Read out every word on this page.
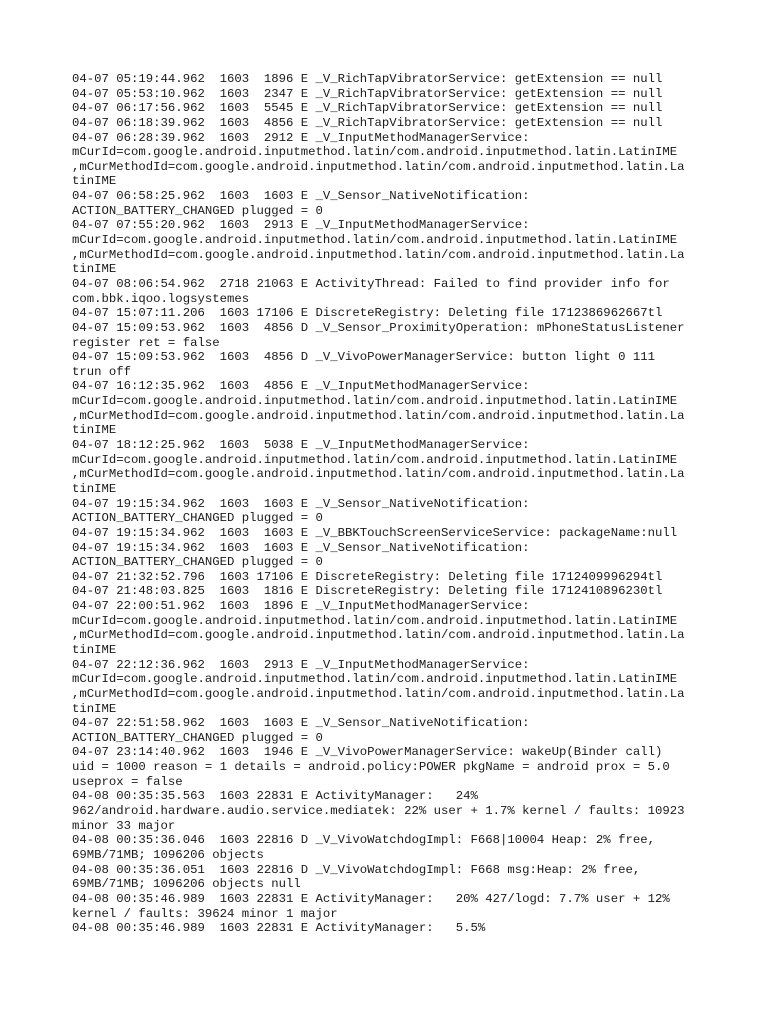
04-07 05:19:44.962  1603  1896 E _V_RichTapVibratorService: getExtension == null
04-07 05:53:10.962  1603  2347 E _V_RichTapVibratorService: getExtension == null
04-07 06:17:56.962  1603  5545 E _V_RichTapVibratorService: getExtension == null
04-07 06:18:39.962  1603  4856 E _V_RichTapVibratorService: getExtension == null
04-07 06:28:39.962  1603  2912 E _V_InputMethodManagerService:
mCurId=com.google.android.inputmethod.latin/com.android.inputmethod.latin.LatinIME
,mCurMethodId=com.google.android.inputmethod.latin/com.android.inputmethod.latin.La
tinIME
04-07 06:58:25.962  1603  1603 E _V_Sensor_NativeNotification:
ACTION_BATTERY_CHANGED plugged = 0
04-07 07:55:20.962  1603  2913 E _V_InputMethodManagerService:
mCurId=com.google.android.inputmethod.latin/com.android.inputmethod.latin.LatinIME
,mCurMethodId=com.google.android.inputmethod.latin/com.android.inputmethod.latin.La
tinIME
04-07 08:06:54.962  2718 21063 E ActivityThread: Failed to find provider info for
com.bbk.iqoo.logsystemes
04-07 15:07:11.206  1603 17106 E DiscreteRegistry: Deleting file 1712386962667tl
04-07 15:09:53.962  1603  4856 D _V_Sensor_ProximityOperation: mPhoneStatusListener
register ret = false
04-07 15:09:53.962  1603  4856 D _V_VivoPowerManagerService: button light 0 111
trun off
04-07 16:12:35.962  1603  4856 E _V_InputMethodManagerService:
mCurId=com.google.android.inputmethod.latin/com.android.inputmethod.latin.LatinIME
,mCurMethodId=com.google.android.inputmethod.latin/com.android.inputmethod.latin.La
tinIME
04-07 18:12:25.962  1603  5038 E _V_InputMethodManagerService:
mCurId=com.google.android.inputmethod.latin/com.android.inputmethod.latin.LatinIME
,mCurMethodId=com.google.android.inputmethod.latin/com.android.inputmethod.latin.La
tinIME
04-07 19:15:34.962  1603  1603 E _V_Sensor_NativeNotification:
ACTION_BATTERY_CHANGED plugged = 0
04-07 19:15:34.962  1603  1603 E _V_BBKTouchScreenServiceService: packageName:null
04-07 19:15:34.962  1603  1603 E _V_Sensor_NativeNotification:
ACTION_BATTERY_CHANGED plugged = 0
04-07 21:32:52.796  1603 17106 E DiscreteRegistry: Deleting file 1712409996294tl
04-07 21:48:03.825  1603  1816 E DiscreteRegistry: Deleting file 1712410896230tl
04-07 22:00:51.962  1603  1896 E _V_InputMethodManagerService:
mCurId=com.google.android.inputmethod.latin/com.android.inputmethod.latin.LatinIME
,mCurMethodId=com.google.android.inputmethod.latin/com.android.inputmethod.latin.La
tinIME
04-07 22:12:36.962  1603  2913 E _V_InputMethodManagerService:
mCurId=com.google.android.inputmethod.latin/com.android.inputmethod.latin.LatinIME
,mCurMethodId=com.google.android.inputmethod.latin/com.android.inputmethod.latin.La
tinIME
04-07 22:51:58.962  1603  1603 E _V_Sensor_NativeNotification:
ACTION_BATTERY_CHANGED plugged = 0
04-07 23:14:40.962  1603  1946 E _V_VivoPowerManagerService: wakeUp(Binder call)
uid = 1000 reason = 1 details = android.policy:POWER pkgName = android prox = 5.0
useprox = false
04-08 00:35:35.563  1603 22831 E ActivityManager:   24%
962/android.hardware.audio.service.mediatek: 22% user + 1.7% kernel / faults: 10923
minor 33 major
04-08 00:35:36.046  1603 22816 D _V_VivoWatchdogImpl: F668|10004 Heap: 2% free,
69MB/71MB; 1096206 objects
04-08 00:35:36.051  1603 22816 D _V_VivoWatchdogImpl: F668 msg:Heap: 2% free,
69MB/71MB; 1096206 objects null
04-08 00:35:46.989  1603 22831 E ActivityManager:   20% 427/logd: 7.7% user + 12%
kernel / faults: 39624 minor 1 major
04-08 00:35:46.989  1603 22831 E ActivityManager:   5.5%
